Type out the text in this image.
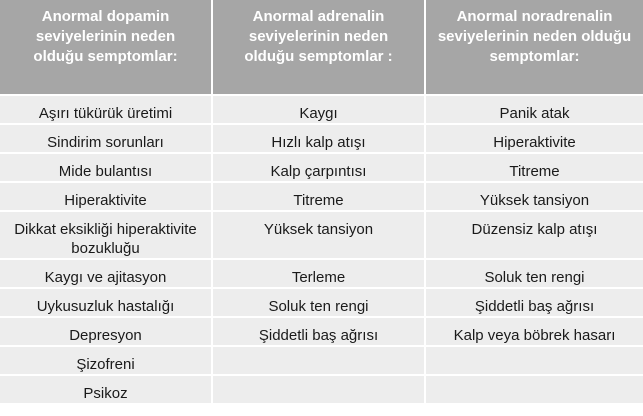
Anormal dopamin seviyelerinin neden olduğu semptomlar:	Anormal adrenalin seviyelerinin neden olduğu semptomlar :	Anormal noradrenalin seviyelerinin neden olduğu semptomlar:
Aşırı tükürük üretimi	Kaygı	Panik atak
Sindirim sorunları	Hızlı kalp atışı	Hiperaktivite
Mide bulantısı	Kalp çarpıntısı	Titreme
Hiperaktivite	Titreme	Yüksek tansiyon
Dikkat eksikliği hiperaktivite bozukluğu	Yüksek tansiyon	Düzensiz kalp atışı
Kaygı ve ajitasyon	Terleme	Soluk ten rengi
Uykusuzluk hastalığı	Soluk ten rengi	Şiddetli baş ağrısı
Depresyon	Şiddetli baş ağrısı	Kalp veya böbrek hasarı
Şizofreni		
Psikoz		
